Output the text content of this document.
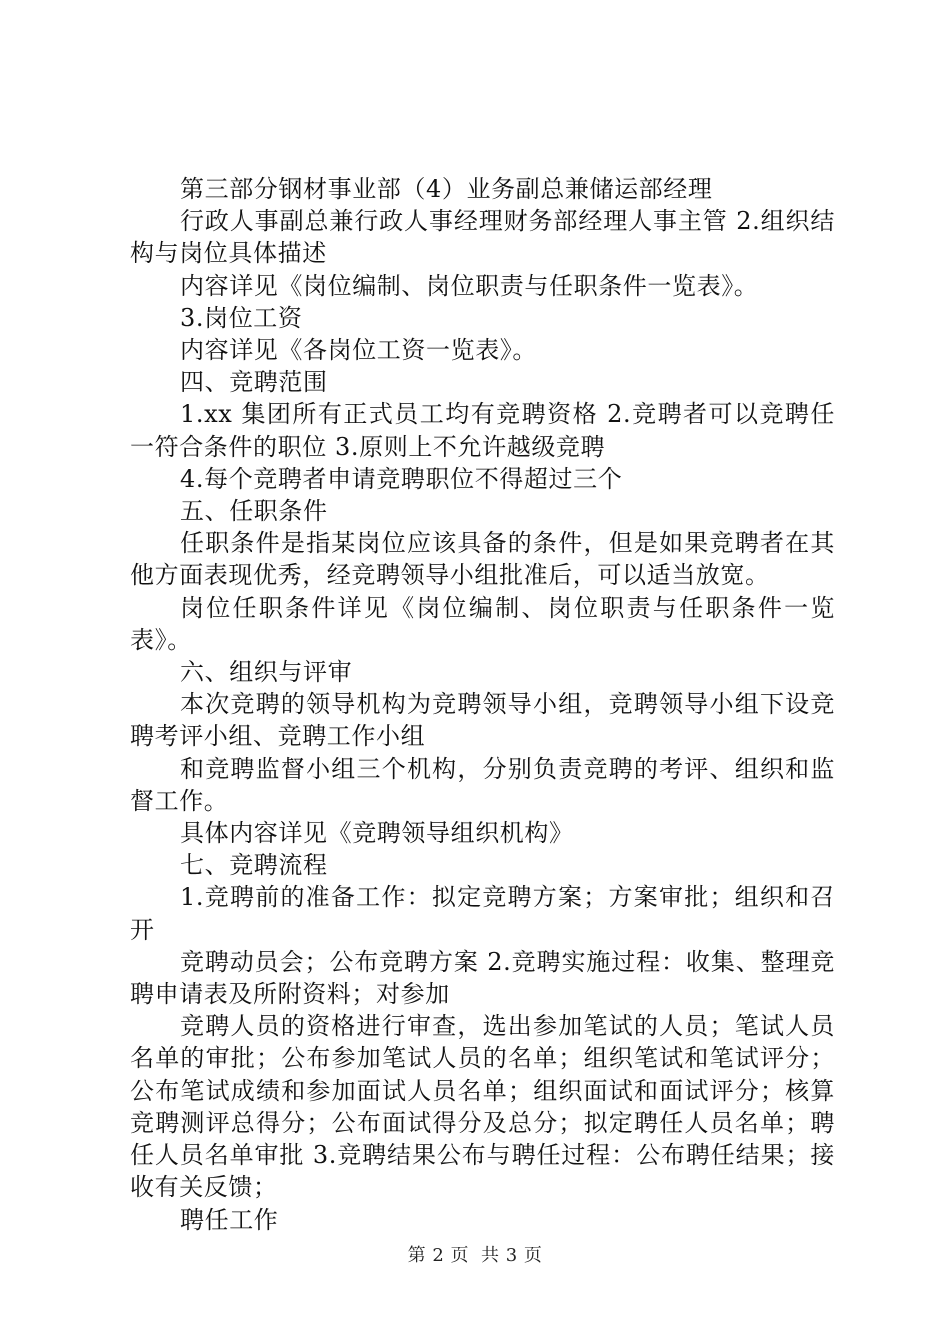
第三部分钢材事业部（4）业务副总兼储运部经理

行政人事副总兼行政人事经理财务部经理人事主管 2.组织结构与岗位具体描述

内容详见《岗位编制、岗位职责与任职条件一览表》。

3.岗位工资

内容详见《各岗位工资一览表》。

四、竞聘范围

1.xx 集团所有正式员工均有竞聘资格 2.竞聘者可以竞聘任一符合条件的职位 3.原则上不允许越级竞聘

4.每个竞聘者申请竞聘职位不得超过三个

五、任职条件

任职条件是指某岗位应该具备的条件，但是如果竞聘者在其他方面表现优秀，经竞聘领导小组批准后，可以适当放宽。

岗位任职条件详见《岗位编制、岗位职责与任职条件一览表》。

六、组织与评审

本次竞聘的领导机构为竞聘领导小组，竞聘领导小组下设竞聘考评小组、竞聘工作小组

和竞聘监督小组三个机构，分别负责竞聘的考评、组织和监督工作。

具体内容详见《竞聘领导组织机构》

七、竞聘流程

1.竞聘前的准备工作：拟定竞聘方案；方案审批；组织和召开

竞聘动员会；公布竞聘方案 2.竞聘实施过程：收集、整理竞聘申请表及所附资料；对参加

竞聘人员的资格进行审查，选出参加笔试的人员；笔试人员名单的审批；公布参加笔试人员的名单；组织笔试和笔试评分；公布笔试成绩和参加面试人员名单；组织面试和面试评分；核算竞聘测评总得分；公布面试得分及总分；拟定聘任人员名单；聘任人员名单审批 3.竞聘结果公布与聘任过程：公布聘任结果；接收有关反馈；

聘任工作

第 2 页 共 3 页
